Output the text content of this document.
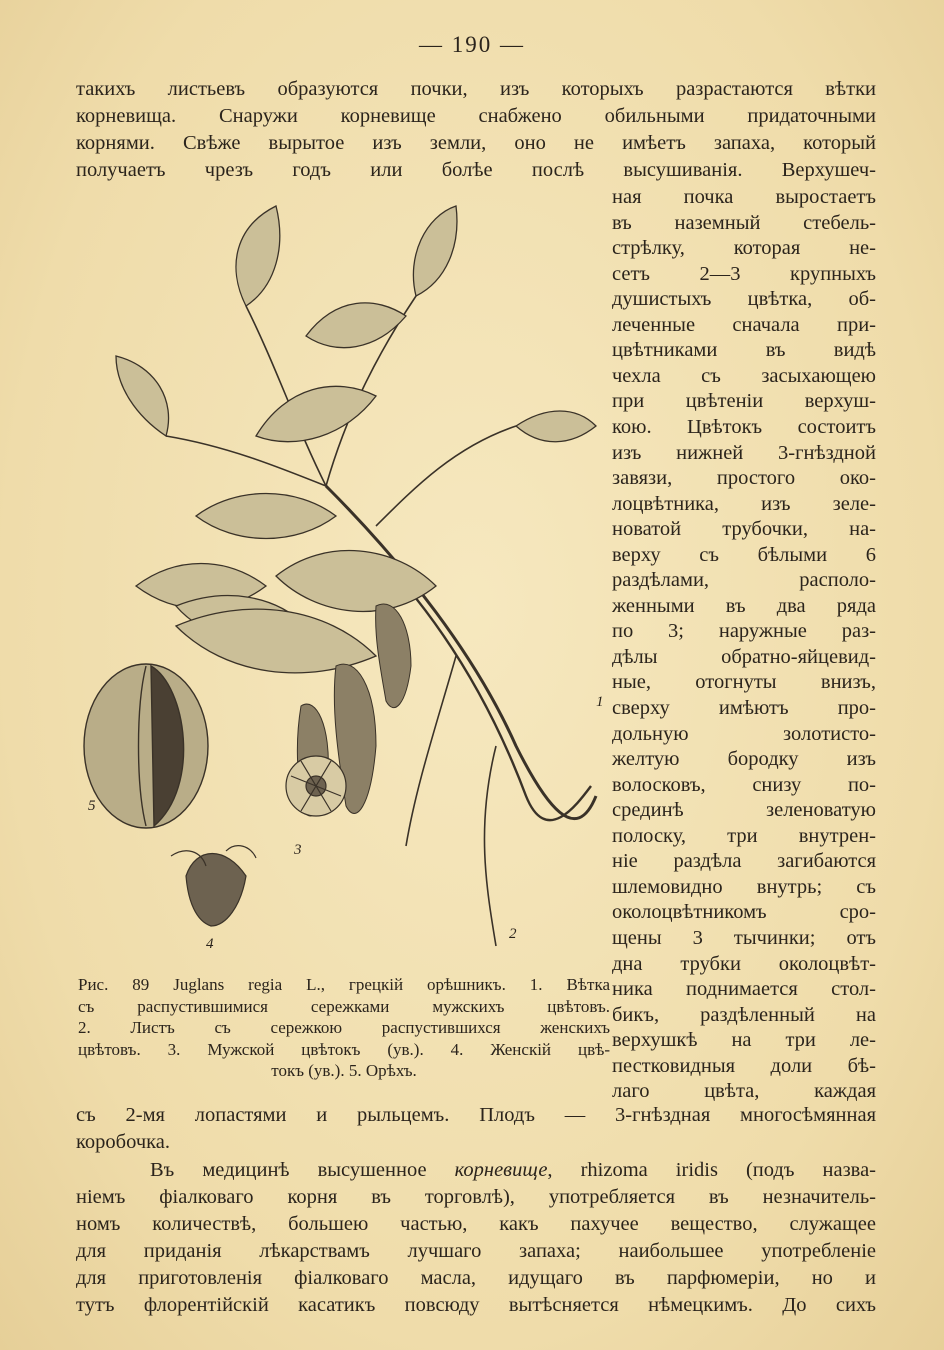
— 190 —
такихъ листьевъ образуются почки, изъ которыхъ разрастаются вѣтки
корневища. Снаружи корневище снабжено обильными придаточными
корнями. Свѣже вырытое изъ земли, оно не имѣетъ запаха, который
получаетъ чрезъ годъ или болѣе послѣ высушиванія. Верхушеч-
ная почка выростаетъ
въ наземный стебель-
стрѣлку, которая не-
сетъ 2—3 крупныхъ
душистыхъ цвѣтка, об-
леченные сначала при-
цвѣтниками въ видѣ
чехла съ засыхающею
при цвѣтеніи верхуш-
кою. Цвѣтокъ состоитъ
изъ нижней 3-гнѣздной
завязи, простого око-
лоцвѣтника, изъ зеле-
новатой трубочки, на-
верху съ бѣлыми 6
раздѣлами, располо-
женными въ два ряда
по 3; наружные раз-
дѣлы обратно-яйцевид-
ные, отогнуты внизъ,
сверху имѣютъ про-
дольную золотисто-
желтую бородку изъ
волосковъ, снизу по-
срединѣ зеленоватую
полоску, три внутрен-
ніе раздѣла загибаются
шлемовидно внутрь; съ
околоцвѣтникомъ сро-
щены 3 тычинки; отъ
дна трубки околоцвѣт-
ника поднимается стол-
бикъ, раздѣленный на
верхушкѣ на три ле-
пестковидныя доли бѣ-
лаго цвѣта, каждая
1
2
3
4
5
Рис. 89 Juglans regia L., грецкій орѣшникъ. 1. Вѣтка
съ распустившимися сережками мужскихъ цвѣтовъ.
2. Листъ съ сережкою распустившихся женскихъ
цвѣтовъ. 3. Мужской цвѣтокъ (ув.). 4. Женскій цвѣ-
токъ (ув.). 5. Орѣхъ.
съ 2-мя лопастями и рыльцемъ. Плодъ — 3-гнѣздная многосѣмянная
коробочка.
Въ медицинѣ высушенное корневище, rhizoma iridis (подъ назва-
ніемъ фіалковаго корня въ торговлѣ), употребляется въ незначитель-
номъ количествѣ, большею частью, какъ пахучее вещество, служащее
для приданія лѣкарствамъ лучшаго запаха; наибольшее употребленіе
для приготовленія фіалковаго масла, идущаго въ парфюмеріи, но и
тутъ флорентійскій касатикъ повсюду вытѣсняется нѣмецкимъ. До сихъ
